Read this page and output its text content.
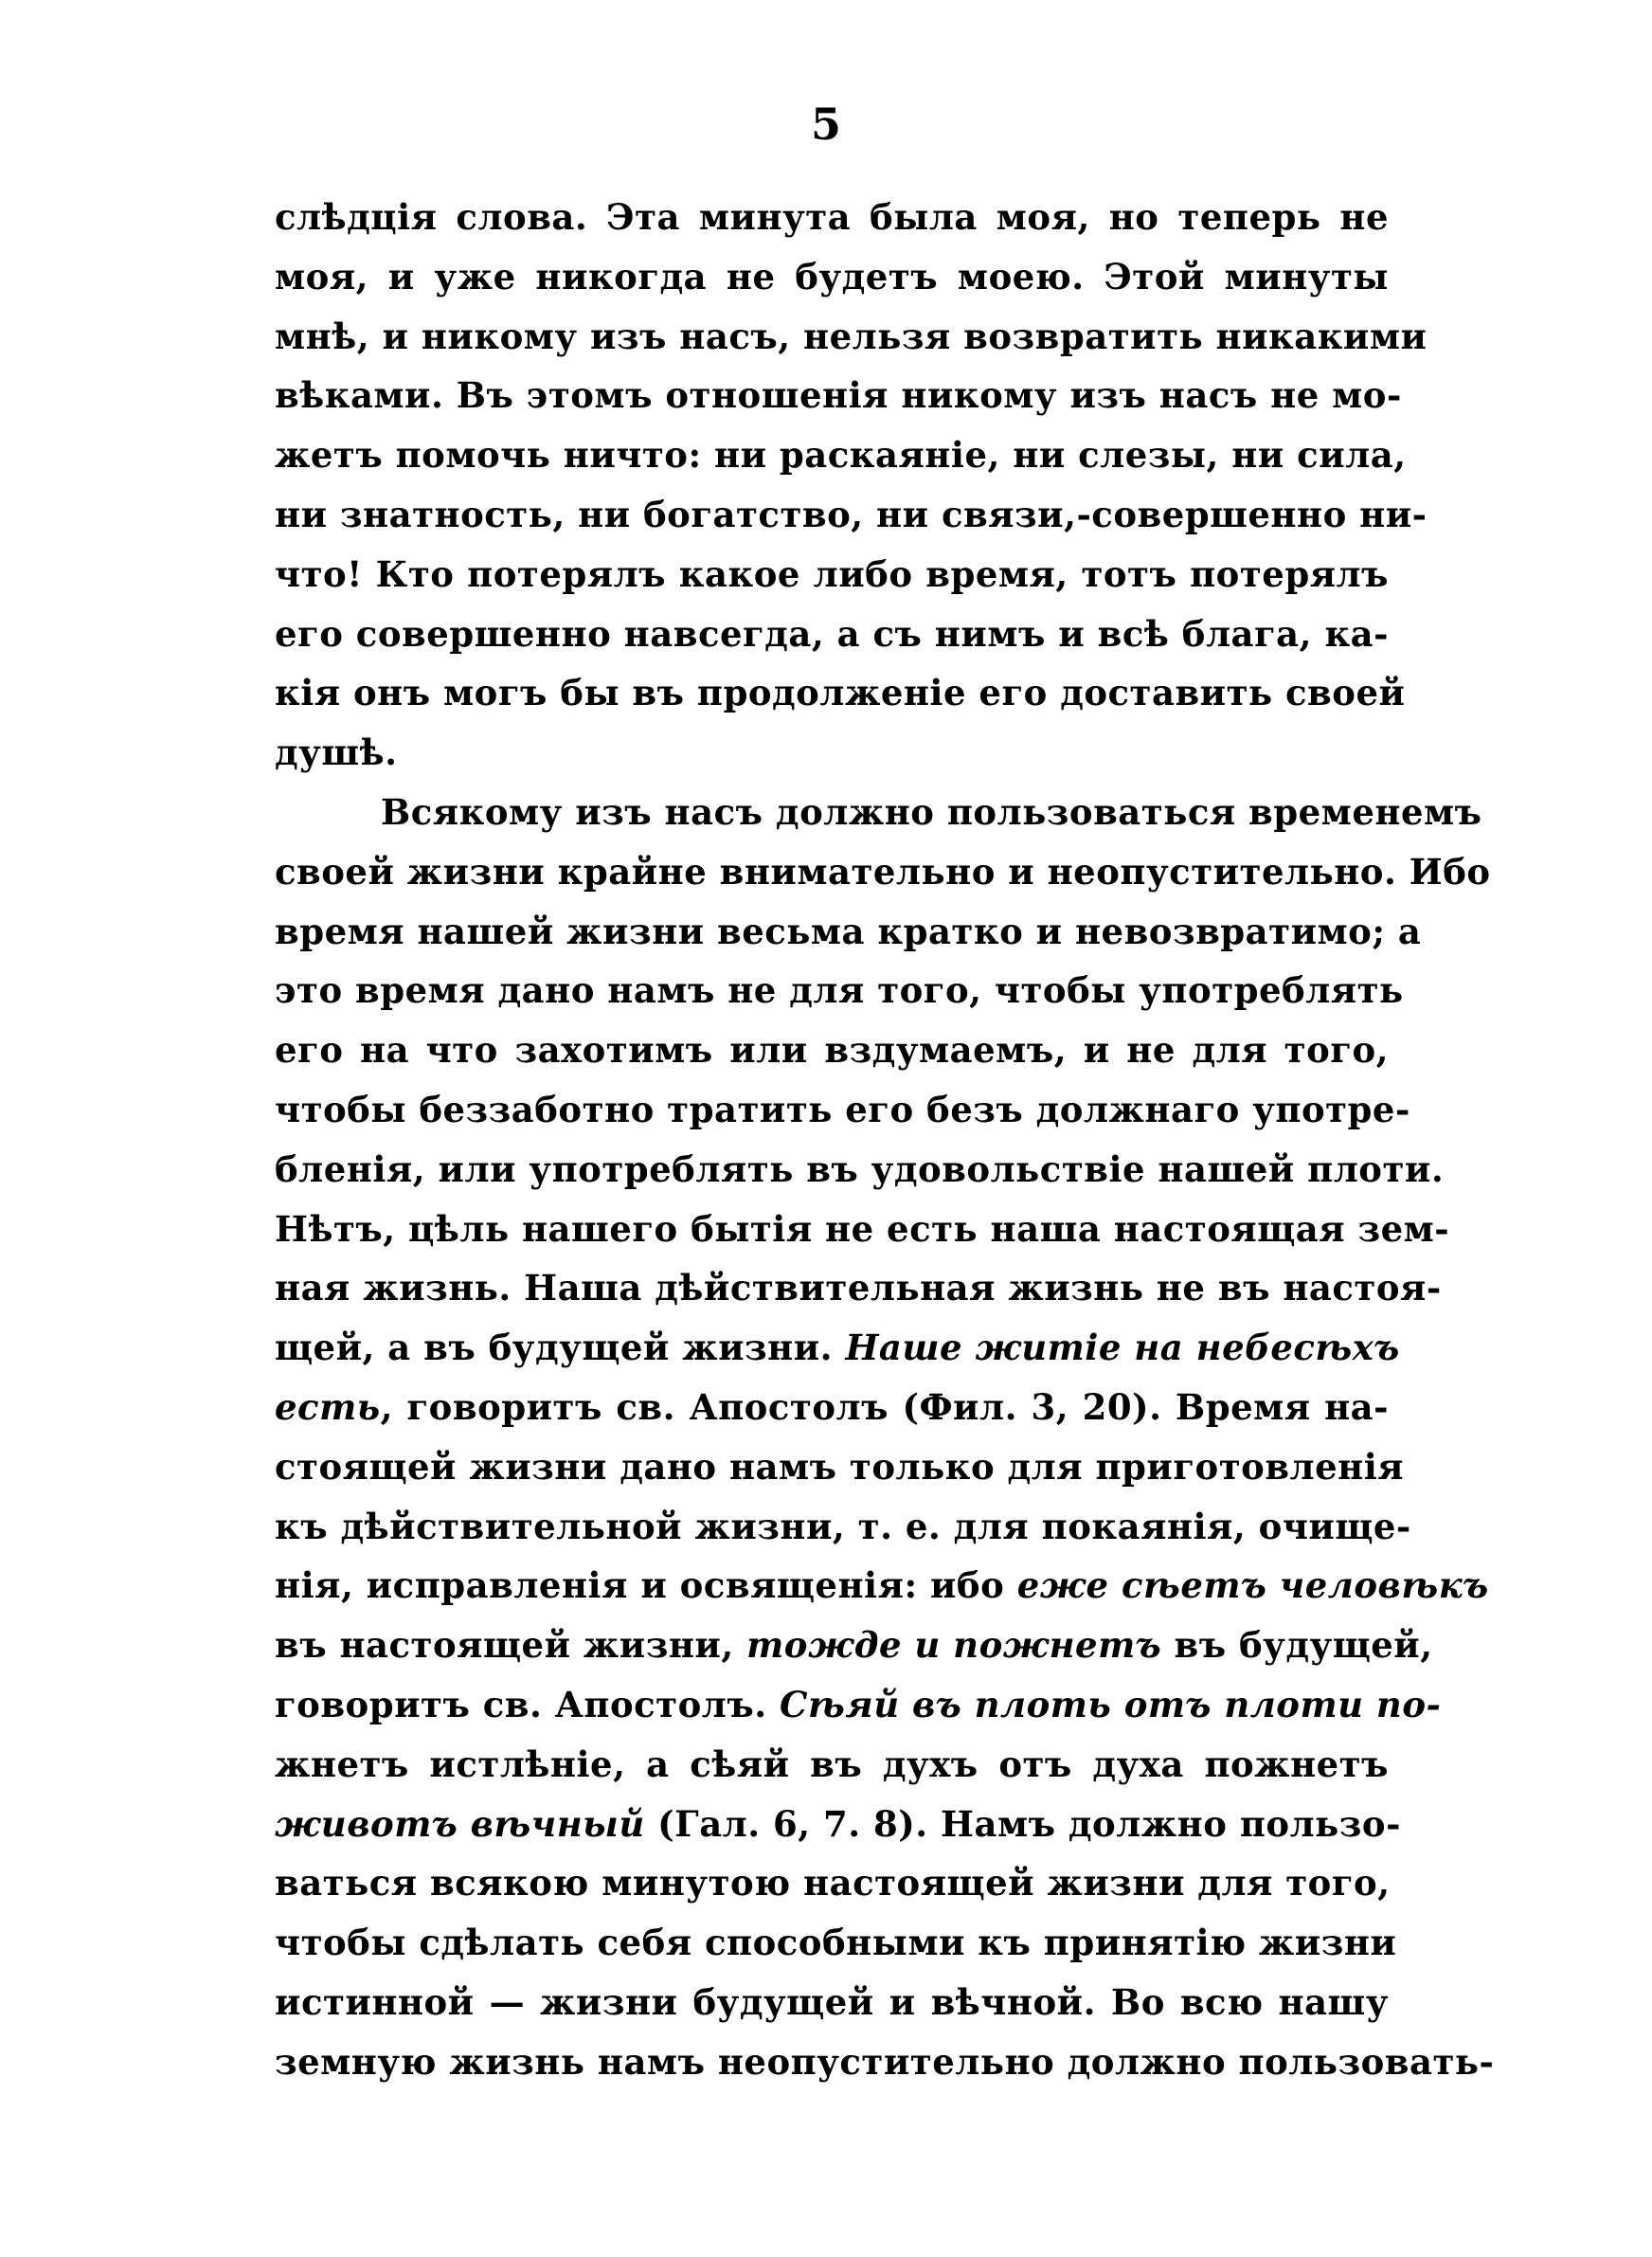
5
слѣдція слова. Эта минута была моя, но теперь не
моя, и уже никогда не будетъ моею. Этой минуты
мнѣ, и никому изъ насъ, нельзя возвратить никакими
вѣками. Въ этомъ отношенія никому изъ насъ не мо-
жетъ помочь ничто: ни раскаяніе, ни слезы, ни сила,
ни знатность, ни богатство, ни связи,-совершенно ни-
что! Кто потерялъ какое либо время, тотъ потерялъ
его совершенно навсегда, а съ нимъ и всѣ блага, ка-
кія онъ могъ бы въ продолженіе его доставить своей
душѣ.
Всякому изъ насъ должно пользоваться временемъ
своей жизни крайне внимательно и неопустительно. Ибо
время нашей жизни весьма кратко и невозвратимо; а
это время дано намъ не для того, чтобы употреблять
его на что захотимъ или вздумаемъ, и не для того,
чтобы беззаботно тратить его безъ должнаго употре-
бленія, или употреблять въ удовольствіе нашей плоти.
Нѣтъ, цѣль нашего бытія не есть наша настоящая зем-
ная жизнь. Наша дѣйствительная жизнь не въ настоя-
щей, а въ будущей жизни. Наше житіе на небесѣхъ
есть, говоритъ св. Апостолъ (Фил. 3, 20). Время на-
стоящей жизни дано намъ только для приготовленія
къ дѣйствительной жизни, т. е. для покаянія, очище-
нія, исправленія и освященія: ибо еже сѣетъ человѣкъ
въ настоящей жизни, тожде и пожнетъ въ будущей,
говоритъ св. Апостолъ. Сѣяй въ плоть отъ плоти по-
жнетъ истлѣніе, а сѣяй въ духъ отъ духа пожнетъ
животъ вѣчный (Гал. 6, 7. 8). Намъ должно пользо-
ваться всякою минутою настоящей жизни для того,
чтобы сдѣлать себя способными къ принятію жизни
истинной — жизни будущей и вѣчной. Во всю нашу
земную жизнь намъ неопустительно должно пользовать-
